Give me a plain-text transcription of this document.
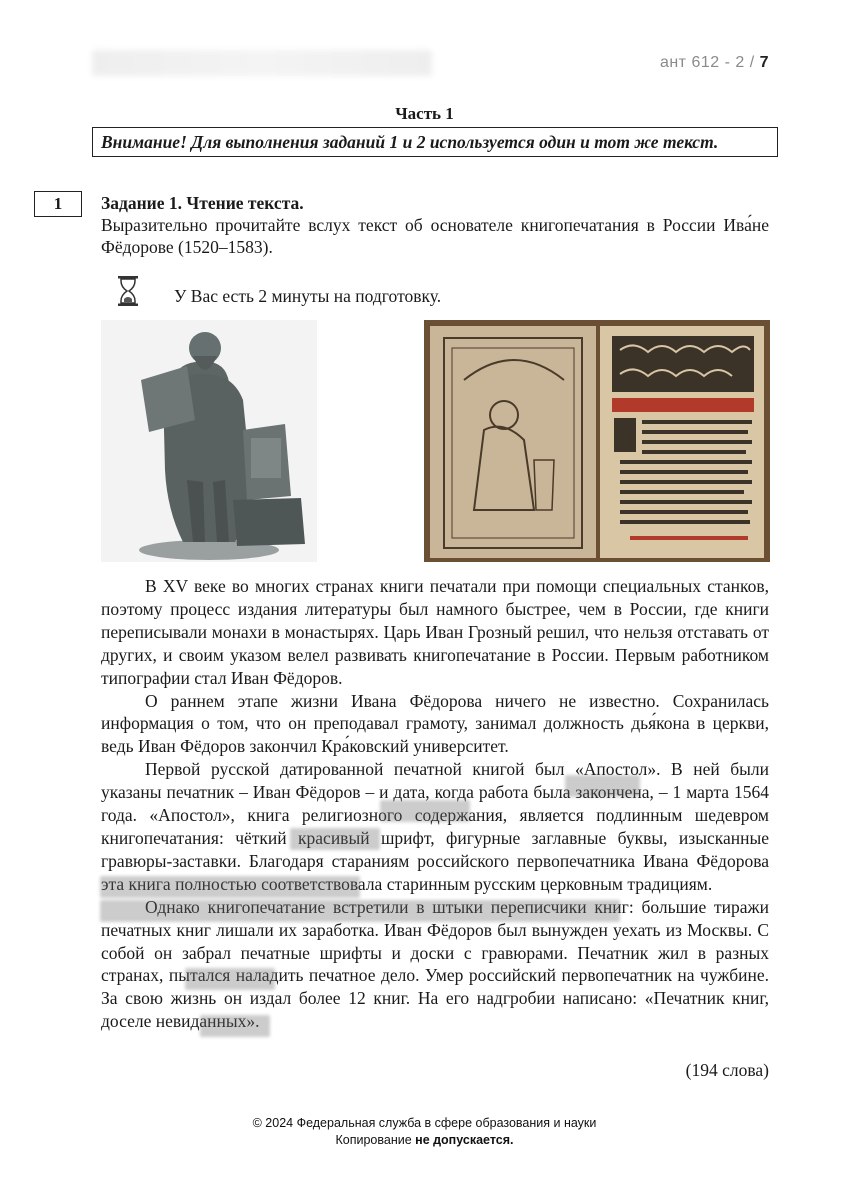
ант 612 - 2 / 7
Часть 1
Внимание! Для выполнения заданий 1 и 2 используется один и тот же текст.
1	Задание 1. Чтение текста.
Выразительно прочитайте вслух текст об основателе книгопечатания в России Ива́не Фёдорове (1520–1583).
У Вас есть 2 минуты на подготовку.

В XV веке во многих странах книги печатали при помощи специальных станков, поэтому процесс издания литературы был намного быстрее, чем в России, где книги переписывали монахи в монастырях. Царь Иван Грозный решил, что нельзя отставать от других, и своим указом велел развивать книгопечатание в России. Первым работником типографии стал Иван Фёдоров.

О раннем этапе жизни Ивана Фёдорова ничего не известно. Сохранилась информация о том, что он преподавал грамоту, занимал должность дья́кона в церкви, ведь Иван Фёдоров закончил Кра́ковский университет.

Первой русской датированной печатной книгой был «Апостол». В ней были указаны печатник – Иван Фёдоров – и дата, когда работа была закончена, – 1 марта 1564 года. «Апостол», книга религиозного содержания, является подлинным шедевром книгопечатания: чёткий красивый шрифт, фигурные заглавные буквы, изысканные гравюры-заставки. Благодаря стараниям российского первопечатника Ивана Фёдорова эта книга полностью соответствовала старинным русским церковным традициям.

Однако книгопечатание встретили в штыки переписчики книг: большие тиражи печатных книг лишали их заработка. Иван Фёдоров был вынужден уехать из Москвы. С собой он забрал печатные шрифты и доски с гравюрами. Печатник жил в разных странах, пытался наладить печатное дело. Умер российский первопечатник на чужбине. За свою жизнь он издал более 12 книг. На его надгробии написано: «Печатник книг, доселе невиданных».

(194 слова)
© 2024 Федеральная служба в сфере образования и науки
Копирование не допускается.
